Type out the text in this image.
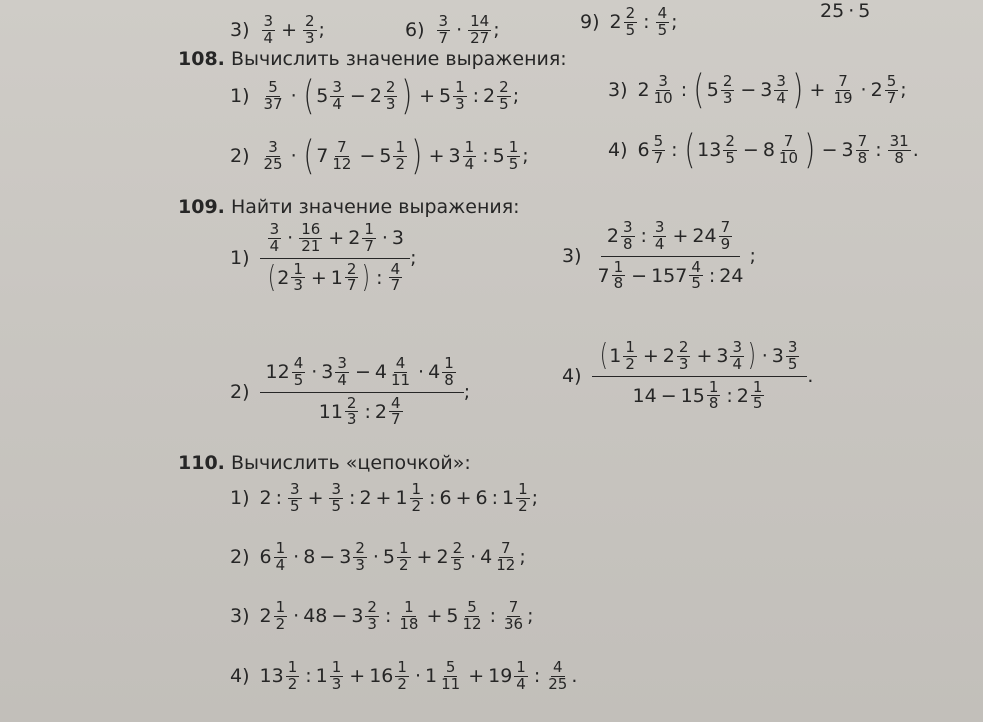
3) 3
$4 + \frac{2}{3}$ ;	6) 3
7 · 14
27 ;	9) 2 2
5 : 4
5 ;
25 · 5
108.
Вычислить значение выражения:
1) 5
37 · ( 5 3
$4 - 2 \frac{2}{3}$ ) + $5 \frac{1}{3}$ : 2 2
5 ;	3) 2 3
10 : ( 5 2
$3 - 3 \frac{3}{4}$ ) + $\frac{7}{19} \cdot 2$ 5
7 ;
2) 3
25 · ( 7 7
$12 - 5 \frac{1}{2}$ ) + $3 \frac{1}{4}$ : 5 1
5 ;	4) 6 5
7 : ( 13 2
$5 - 8 \frac{7}{10}$ ) − $3 \frac{7}{8}$ : 31
8 .
109.
Найти значение выражения:
1)
3
4 · 16
$21 + 2 \frac{1}{7} \cdot 3$
( 2 1
$3 + 1 \frac{2}{7}$ ) : 4
7
;	3)
2 3
8 : 3
$4 + 24 \frac{7}{9}$
7 1
$8 - 157 \frac{4}{5}$ : 24
;
2)
12 4
5 · 3 3
$4 - 4 \frac{4}{11} \cdot 4$ 1
8
11 2
3 : 2 4
7
;
4)
( 1 1
$2 + 2 \frac{2}{3} + 3 \frac{3}{4}$ ) · 3 3
5
$14 - 15 \frac{1}{8}$ : 2 1
5
.
110.
Вычислить «цепочкой»:
1) 2 : 3
$5 + \frac{3}{5}$ : $2 + 1 \frac{1}{2}$ : 6 + 6 : 1 1
2 ;
2) 6 1
$4 \cdot 8 - 3 \frac{2}{3} \cdot 5$ 1
$2 + 2 \frac{2}{5} \cdot 4$ 7
12 ;
3) 2 1
$2 \cdot 48 - 3 \frac{2}{3}$ : 1
$18 + 5 \frac{5}{12}$ : 7
36 ;
4) 13 1
2 : 1 1
$3 + 16 \frac{1}{2} \cdot 1$ 5
$11 + 19 \frac{1}{4}$ : 4
25 .
